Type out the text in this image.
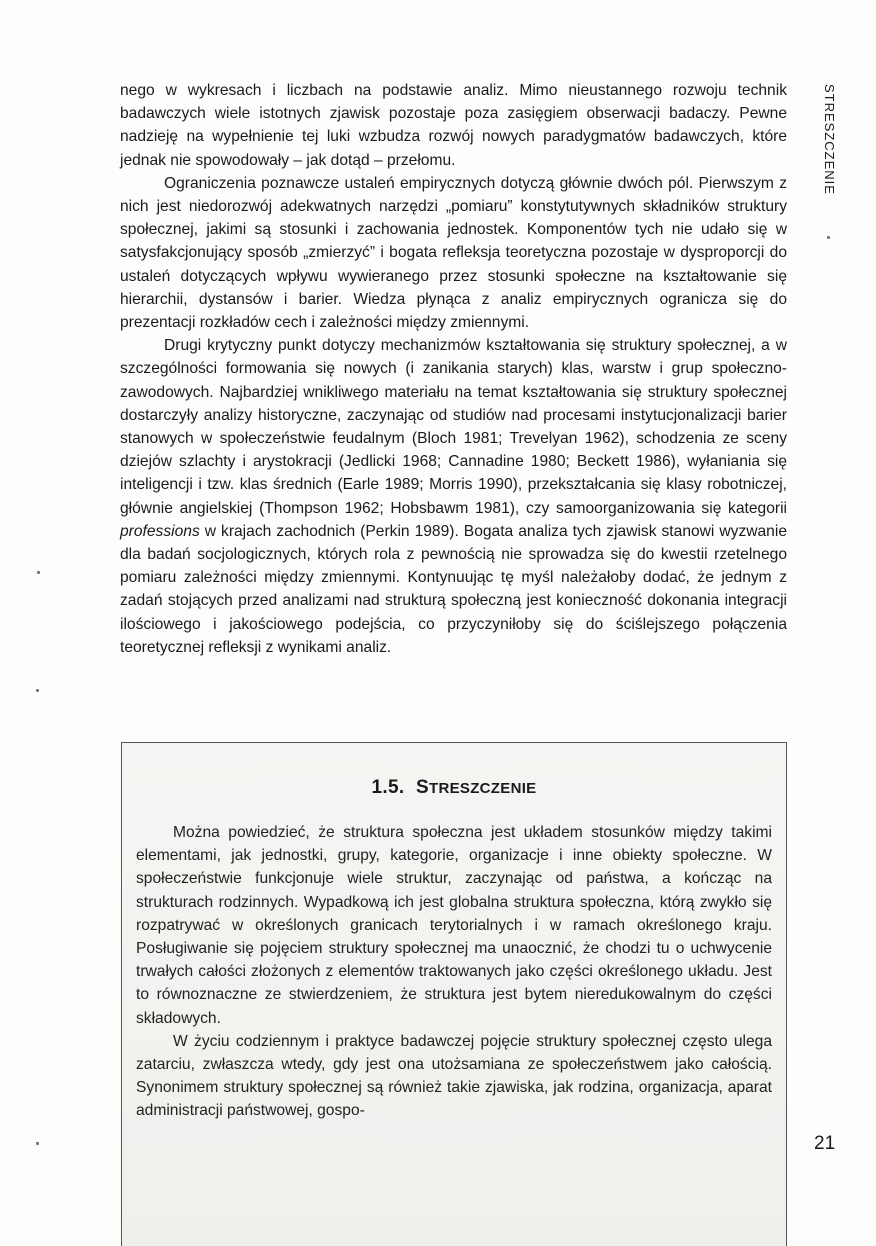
STRESZCZENIE

nego w wykresach i liczbach na podstawie analiz. Mimo nieustannego rozwoju technik badawczych wiele istotnych zjawisk pozostaje poza zasięgiem obserwacji badaczy. Pewne nadzieję na wypełnienie tej luki wzbudza rozwój nowych paradygmatów badawczych, które jednak nie spowodowały – jak dotąd – przełomu.

Ograniczenia poznawcze ustaleń empirycznych dotyczą głównie dwóch pól. Pierwszym z nich jest niedorozwój adekwatnych narzędzi „pomiaru” konstytutywnych składników struktury społecznej, jakimi są stosunki i zachowania jednostek. Komponentów tych nie udało się w satysfakcjonujący sposób „zmierzyć” i bogata refleksja teoretyczna pozostaje w dysproporcji do ustaleń dotyczących wpływu wywieranego przez stosunki społeczne na kształtowanie się hierarchii, dystansów i barier. Wiedza płynąca z analiz empirycznych ogranicza się do prezentacji rozkładów cech i zależności między zmiennymi.

Drugi krytyczny punkt dotyczy mechanizmów kształtowania się struktury społecznej, a w szczególności formowania się nowych (i zanikania starych) klas, warstw i grup społeczno-zawodowych. Najbardziej wnikliwego materiału na temat kształtowania się struktury społecznej dostarczyły analizy historyczne, zaczynając od studiów nad procesami instytucjonalizacji barier stanowych w społeczeństwie feudalnym (Bloch 1981; Trevelyan 1962), schodzenia ze sceny dziejów szlachty i arystokracji (Jedlicki 1968; Cannadine 1980; Beckett 1986), wyłaniania się inteligencji i tzw. klas średnich (Earle 1989; Morris 1990), przekształcania się klasy robotniczej, głównie angielskiej (Thompson 1962; Hobsbawm 1981), czy samoorganizowania się kategorii professions w krajach zachodnich (Perkin 1989). Bogata analiza tych zjawisk stanowi wyzwanie dla badań socjologicznych, których rola z pewnością nie sprowadza się do kwestii rzetelnego pomiaru zależności między zmiennymi. Kontynuując tę myśl należałoby dodać, że jednym z zadań stojących przed analizami nad strukturą społeczną jest konieczność dokonania integracji ilościowego i jakościowego podejścia, co przyczyniłoby się do ściślejszego połączenia teoretycznej refleksji z wynikami analiz.

1.5. STRESZCZENIE

Można powiedzieć, że struktura społeczna jest układem stosunków między takimi elementami, jak jednostki, grupy, kategorie, organizacje i inne obiekty społeczne. W społeczeństwie funkcjonuje wiele struktur, zaczynając od państwa, a kończąc na strukturach rodzinnych. Wypadkową ich jest globalna struktura społeczna, którą zwykło się rozpatrywać w określonych granicach terytorialnych i w ramach określonego kraju. Posługiwanie się pojęciem struktury społecznej ma unaocznić, że chodzi tu o uchwycenie trwałych całości złożonych z elementów traktowanych jako części określonego układu. Jest to równoznaczne ze stwierdzeniem, że struktura jest bytem nieredukowalnym do części składowych.

W życiu codziennym i praktyce badawczej pojęcie struktury społecznej często ulega zatarciu, zwłaszcza wtedy, gdy jest ona utożsamiana ze społeczeństwem jako całością. Synonimem struktury społecznej są również takie zjawiska, jak rodzina, organizacja, aparat administracji państwowej, gospo-

21
